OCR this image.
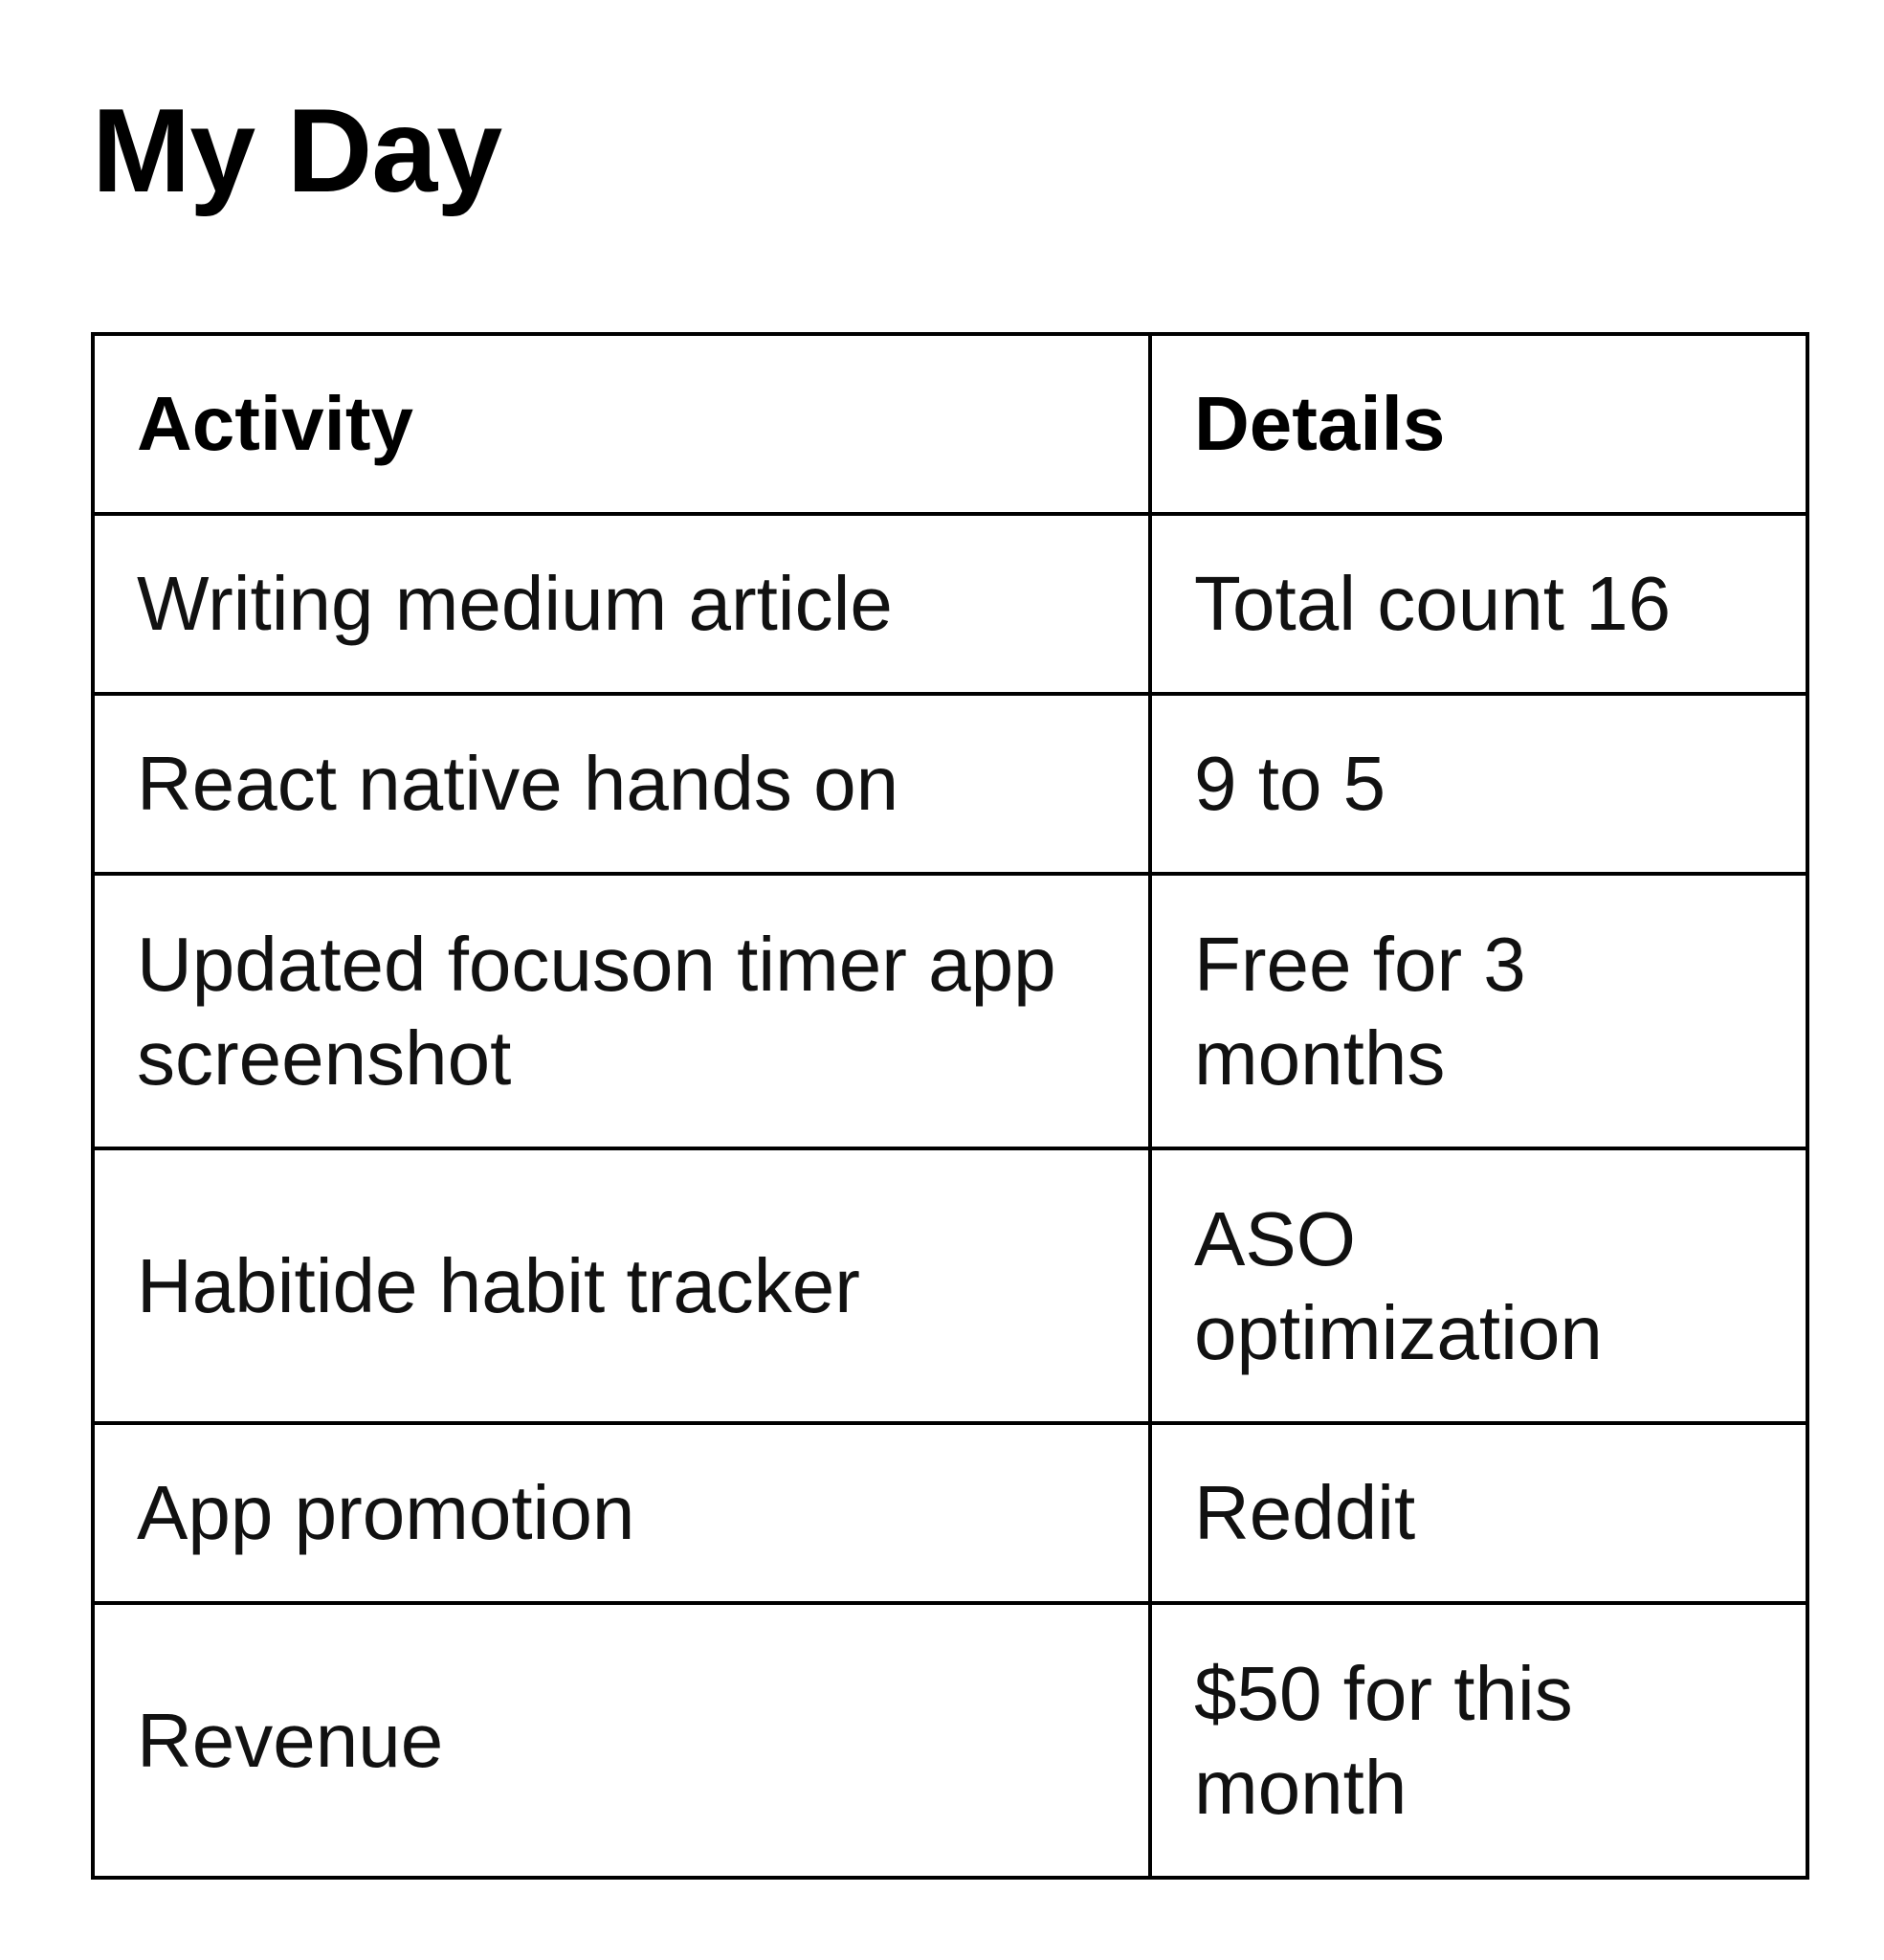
My Day
Activity	Details
Writing medium article	Total count 16
React native hands on	9 to 5
Updated focuson timer app screenshot	Free for 3 months
Habitide habit tracker	ASO optimization
App promotion	Reddit
Revenue	$50 for this month
